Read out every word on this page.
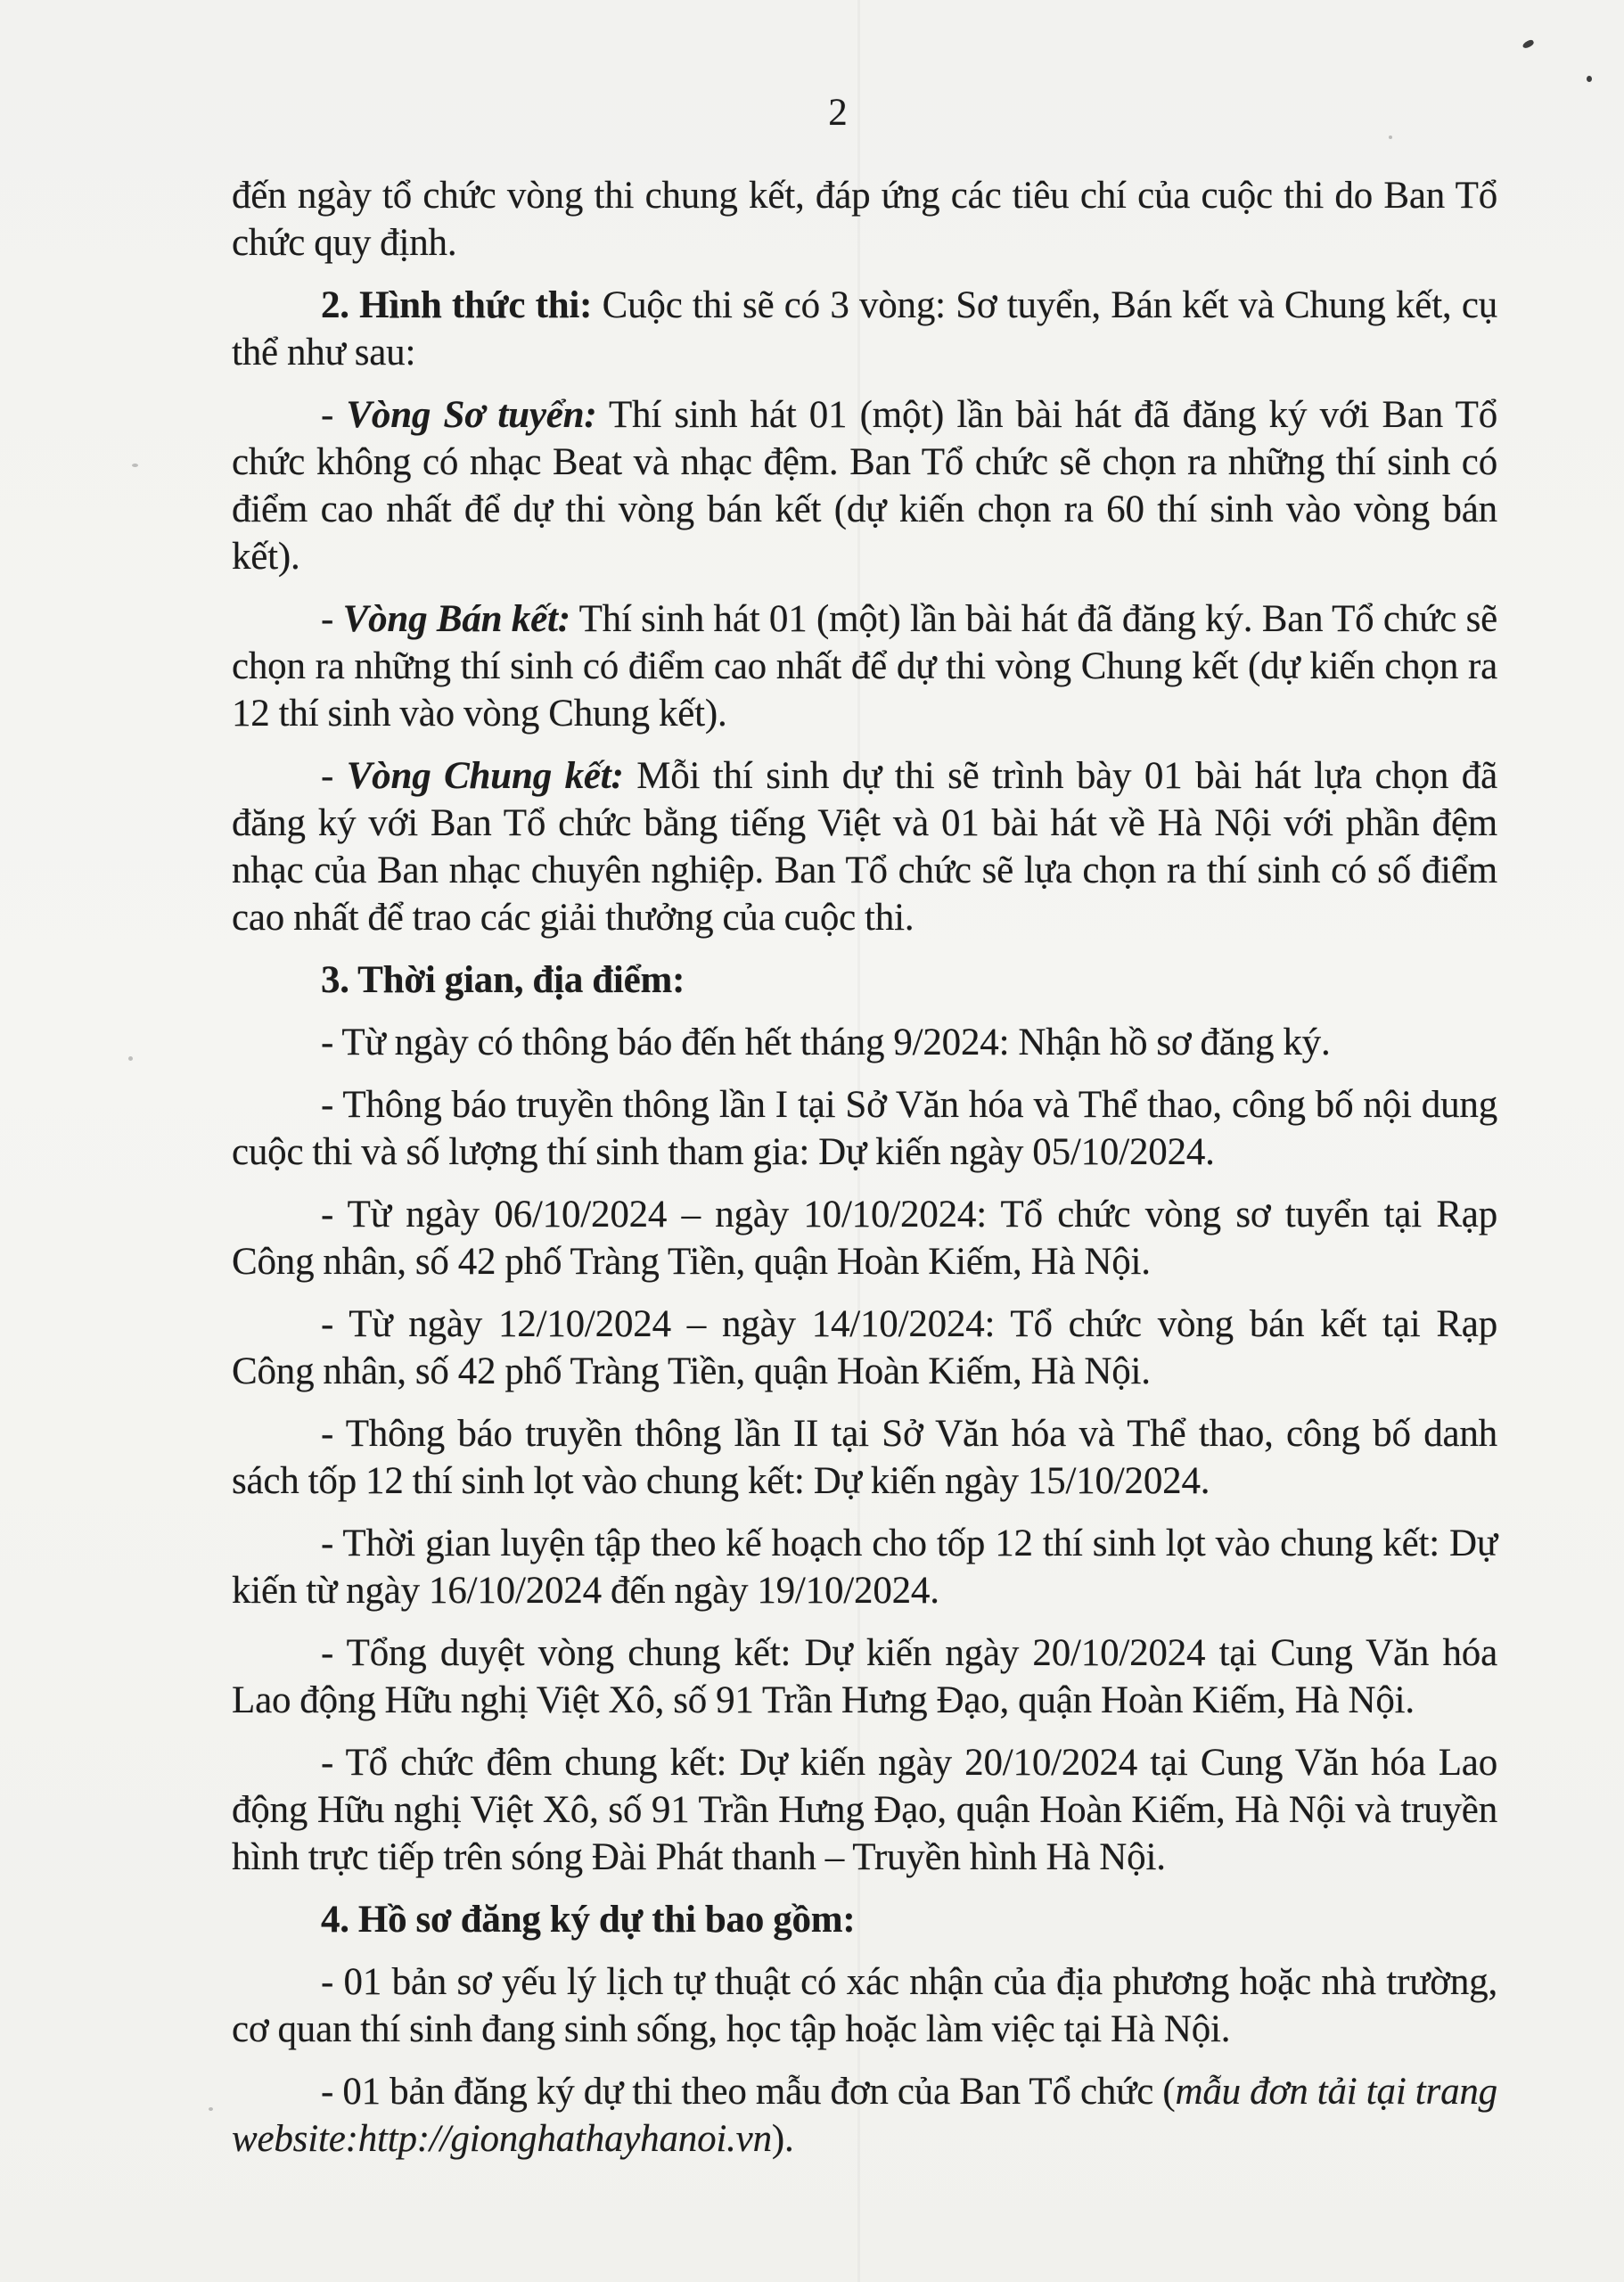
2

đến ngày tổ chức vòng thi chung kết, đáp ứng các tiêu chí của cuộc thi do Ban Tổ chức quy định.

2. Hình thức thi: Cuộc thi sẽ có 3 vòng: Sơ tuyển, Bán kết và Chung kết, cụ thể như sau:

- Vòng Sơ tuyển: Thí sinh hát 01 (một) lần bài hát đã đăng ký với Ban Tổ chức không có nhạc Beat và nhạc đệm. Ban Tổ chức sẽ chọn ra những thí sinh có điểm cao nhất để dự thi vòng bán kết (dự kiến chọn ra 60 thí sinh vào vòng bán kết).

- Vòng Bán kết: Thí sinh hát 01 (một) lần bài hát đã đăng ký. Ban Tổ chức sẽ chọn ra những thí sinh có điểm cao nhất để dự thi vòng Chung kết (dự kiến chọn ra 12 thí sinh vào vòng Chung kết).

- Vòng Chung kết: Mỗi thí sinh dự thi sẽ trình bày 01 bài hát lựa chọn đã đăng ký với Ban Tổ chức bằng tiếng Việt và 01 bài hát về Hà Nội với phần đệm nhạc của Ban nhạc chuyên nghiệp. Ban Tổ chức sẽ lựa chọn ra thí sinh có số điểm cao nhất để trao các giải thưởng của cuộc thi.

3. Thời gian, địa điểm:

- Từ ngày có thông báo đến hết tháng 9/2024: Nhận hồ sơ đăng ký.

- Thông báo truyền thông lần I tại Sở Văn hóa và Thể thao, công bố nội dung cuộc thi và số lượng thí sinh tham gia: Dự kiến ngày 05/10/2024.

- Từ ngày 06/10/2024 – ngày 10/10/2024: Tổ chức vòng sơ tuyển tại Rạp Công nhân, số 42 phố Tràng Tiền, quận Hoàn Kiếm, Hà Nội.

- Từ ngày 12/10/2024 – ngày 14/10/2024: Tổ chức vòng bán kết tại Rạp Công nhân, số 42 phố Tràng Tiền, quận Hoàn Kiếm, Hà Nội.

- Thông báo truyền thông lần II tại Sở Văn hóa và Thể thao, công bố danh sách tốp 12 thí sinh lọt vào chung kết: Dự kiến ngày 15/10/2024.

- Thời gian luyện tập theo kế hoạch cho tốp 12 thí sinh lọt vào chung kết: Dự kiến từ ngày 16/10/2024 đến ngày 19/10/2024.

- Tổng duyệt vòng chung kết: Dự kiến ngày 20/10/2024 tại Cung Văn hóa Lao động Hữu nghị Việt Xô, số 91 Trần Hưng Đạo, quận Hoàn Kiếm, Hà Nội.

- Tổ chức đêm chung kết: Dự kiến ngày 20/10/2024 tại Cung Văn hóa Lao động Hữu nghị Việt Xô, số 91 Trần Hưng Đạo, quận Hoàn Kiếm, Hà Nội và truyền hình trực tiếp trên sóng Đài Phát thanh – Truyền hình Hà Nội.

4. Hồ sơ đăng ký dự thi bao gồm:

- 01 bản sơ yếu lý lịch tự thuật có xác nhận của địa phương hoặc nhà trường, cơ quan thí sinh đang sinh sống, học tập hoặc làm việc tại Hà Nội.

- 01 bản đăng ký dự thi theo mẫu đơn của Ban Tổ chức (mẫu đơn tải tại trang website:http://gionghathayhanoi.vn).
